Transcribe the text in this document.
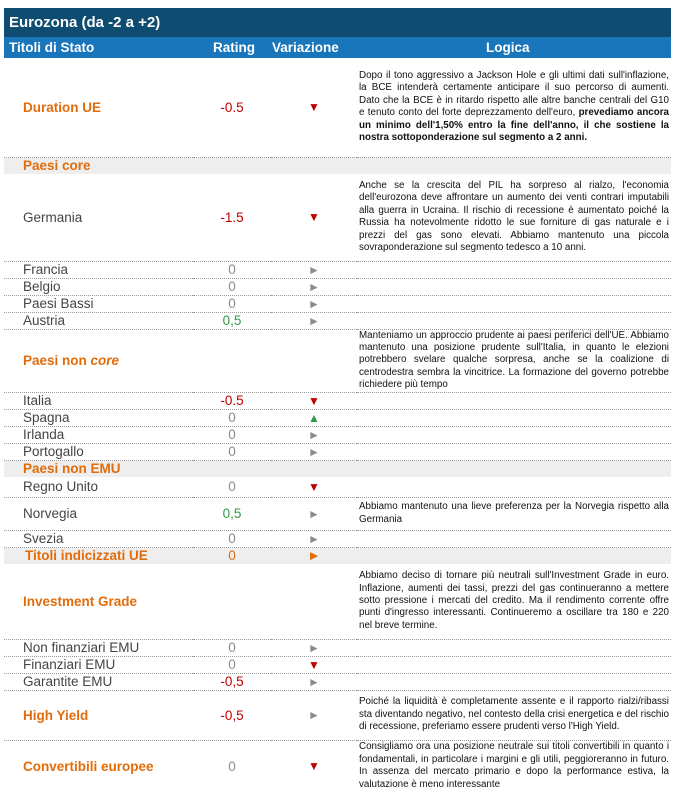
Eurozona (da -2 a +2)
Titoli di Stato	Rating Variazione	Logica
Duration UE	-0.5	▼	Dopo il tono aggressivo a Jackson Hole e gli ultimi dati sull'inflazione, la BCE intenderà certamente anticipare il suo percorso di aumenti. Dato che la BCE è in ritardo rispetto alle altre banche centrali del G10 e tenuto conto del forte deprezzamento dell'euro, prevediamo ancora un minimo dell'1,50% entro la fine dell'anno, il che sostiene la nostra sottoponderazione sul segmento a 2 anni.
Paesi core			
Germania	-1.5	▼	Anche se la crescita del PIL ha sorpreso al rialzo, l'economia dell'eurozona deve affrontare un aumento dei venti contrari imputabili alla guerra in Ucraina. Il rischio di recessione è aumentato poiché la Russia ha notevolmente ridotto le sue forniture di gas naturale e i prezzi del gas sono elevati. Abbiamo mantenuto una piccola sovraponderazione sul segmento tedesco a 10 anni.
Francia	0	►	
Belgio	0	►	
Paesi Bassi	0	►	
Austria	0,5	►	
Paesi non core			Manteniamo un approccio prudente ai paesi periferici dell'UE. Abbiamo mantenuto una posizione prudente sull'Italia, in quanto le elezioni potrebbero svelare qualche sorpresa, anche se la coalizione di centrodestra sembra la vincitrice. La formazione del governo potrebbe richiedere più tempo
Italia	-0.5	▼	
Spagna	0	▲	
Irlanda	0	►	
Portogallo	0	►	
Paesi non EMU			
Regno Unito	0	▼	
Norvegia	0,5	►	Abbiamo mantenuto una lieve preferenza per la Norvegia rispetto alla Germania
Svezia	0	►	
Titoli indicizzati UE	0	►	
Investment Grade			Abbiamo deciso di tornare più neutrali sull'Investment Grade in euro. Inflazione, aumenti dei tassi, prezzi del gas continueranno a mettere sotto pressione i mercati del credito. Ma il rendimento corrente offre punti d'ingresso interessanti. Continueremo a oscillare tra 180 e 220 nel breve termine.
Non finanziari EMU	0	►	
Finanziari EMU	0	▼	
Garantite EMU	-0,5	►	
High Yield	-0,5	►	Poiché la liquidità è completamente assente e il rapporto rialzi/ribassi sta diventando negativo, nel contesto della crisi energetica e del rischio di recessione, preferiamo essere prudenti verso l'High Yield.
Convertibili europee	0	▼	Consigliamo ora una posizione neutrale sui titoli convertibili in quanto i fondamentali, in particolare i margini e gli utili, peggioreranno in futuro. In assenza del mercato primario e dopo la performance estiva, la valutazione è meno interessante
